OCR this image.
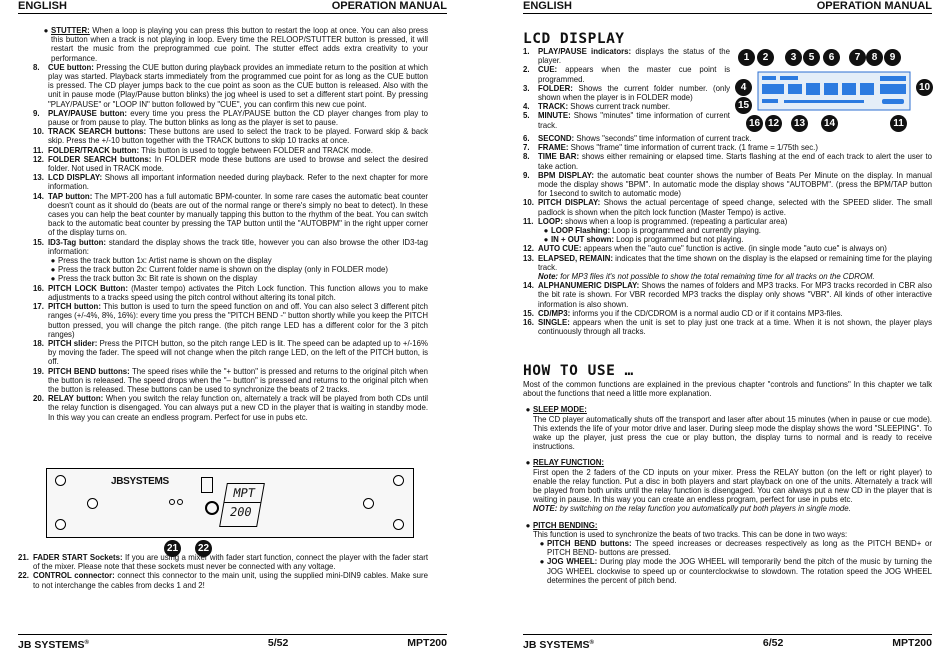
ENGLISH	OPERATION MANUAL
● STUTTER: When a loop is playing you can press this button to restart the loop at once. You can also press this button when a track is not playing in loop. Every time the RELOOP/STUTTER button is pressed, it will restart the music from the preprogrammed cue point. The stutter effect adds extra creativity to your performance.
8.	CUE button: Pressing the CUE button during playback provides an immediate return to the position at which play was started. Playback starts immediately from the programmed cue point for as long as the CUE button is pressed. The CD player jumps back to the cue point as soon as the CUE button is released. Also with the unit in pause mode (Play/Pause button blinks) the jog wheel is used to set a different start point. By pressing "PLAY/PAUSE" or "LOOP IN" button followed by "CUE", you can confirm this new cue point.
9.	PLAY/PAUSE button: every time you press the PLAY/PAUSE button the CD player changes from play to pause or from pause to play. The button blinks as long as the player is set to pause.
10. TRACK SEARCH buttons: These buttons are used to select the track to be played. Forward skip & back skip. Press the +/-10 button together with the TRACK buttons to skip 10 tracks at once.
11. FOLDER/TRACK button: This button is used to toggle between FOLDER and TRACK mode.
12. FOLDER SEARCH buttons: In FOLDER mode these buttons are used to browse and select the desired folder. Not used in TRACK mode.
13. LCD DISPLAY: Shows all important information needed during playback. Refer to the next chapter for more information.
14. TAP button: The MPT-200 has a full automatic BPM-counter. In some rare cases the automatic beat counter doesn't count as it should do (beats are out of the normal range or there's simply no beat to detect). In these cases you can help the beat counter by manually tapping this button to the rhythm of the beat. You can switch back to the automatic beat counter by pressing the TAP button until the "AUTOBPM" in the right upper corner of the display turns on.
15. ID3-Tag button: standard the display shows the track title, however you can also browse the other ID3-tag information:
● Press the track button 1x: Artist name is shown on the display
● Press the track button 2x: Current folder name is shown on the display (only in FOLDER mode)
● Press the track button 3x: Bit rate is shown on the display
16. PITCH LOCK Button: (Master tempo) activates the Pitch Lock function. This function allows you to make adjustments to a tracks speed using the pitch control without altering its tonal pitch.
17. PITCH button: This button is used to turn the speed function on and off. You can also select 3 different pitch ranges (+/-4%, 8%, 16%): every time you press the "PITCH BEND -" button shortly while you keep the PITCH button pressed, you will change the pitch range. (the pitch range LED has a different color for the 3 pitch ranges)
18. PITCH slider: Press the PITCH button, so the pitch range LED is lit. The speed can be adapted up to +/-16% by moving the fader. The speed will not change when the pitch range LED, on the left of the PITCH button, is off.
19. PITCH BEND buttons: The speed rises while the "+ button" is pressed and returns to the original pitch when the button is released. The speed drops when the "– button" is pressed and returns to the original pitch when the button is released. These buttons can be used to synchronize the beats of 2 tracks.
20. RELAY button: When you switch the relay function on, alternately a track will be played from both CDs until the relay function is disengaged. You can always put a new CD in the player that is waiting in standby mode. In this way you can create an endless program. Perfect for use in pubs etc.
JBSYSTEMS
MPT
200
21 22
21. FADER START Sockets: If you are using a mixer with fader start function, connect the player with the fader start of the mixer. Please note that these sockets must never be connected with any voltage.
22. CONTROL connector: connect this connector to the main unit, using the supplied mini-DIN9 cables. Make sure to not interchange the cables from decks 1 and 2!
JB SYSTEMS®	5/52	MPT200
ENGLISH	OPERATION MANUAL
LCD DISPLAY
1.	PLAY/PAUSE indicators: displays the status of the player.
2.	CUE: appears when the master cue point is programmed.
3.	FOLDER: Shows the current folder number. (only shown when the player is in FOLDER mode)
4.	TRACK: Shows current track number.
5.	MINUTE: Shows "minutes" time information of current track.
6.	SECOND: Shows "seconds" time information of current track.
7.	FRAME: Shows "frame" time information of current track. (1 frame = 1/75th sec.)
8.	TIME BAR: shows either remaining or elapsed time. Starts flashing at the end of each track to alert the user to take action.
9.	BPM DISPLAY: the automatic beat counter shows the number of Beats Per Minute on the display. In manual mode the display shows "BPM". In automatic mode the display shows "AUTOBPM". (press the BPM/TAP button for 1second to switch to automatic mode)
10. PITCH DISPLAY: Shows the actual percentage of speed change, selected with the SPEED slider. The small padlock is shown when the pitch lock function (Master Tempo) is active.
11. LOOP: shows when a loop is programmed. (repeating a particular area)
● LOOP Flashing: Loop is programmed and currently playing.
● IN + OUT shown: Loop is programmed but not playing.
12. AUTO CUE: appears when the "auto cue" function is active. (in single mode "auto cue" is always on)
13. ELAPSED, REMAIN: indicates that the time shown on the display is the elapsed or remaining time for the playing track.
Note: for MP3 files it's not possible to show the total remaining time for all tracks on the CDROM.
14. ALPHANUMERIC DISPLAY: Shows the names of folders and MP3 tracks. For MP3 tracks recorded in CBR also the bit rate is shown. For VBR recorded MP3 tracks the display only shows "VBR". All kinds of other interactive information is also shown.
15. CD/MP3: informs you if the CD/CDROM is a normal audio CD or if it contains MP3-files.
16. SINGLE: appears when the unit is set to play just one track at a time. When it is not shown, the player plays continuously through all tracks.
HOW TO USE …
Most of the common functions are explained in the previous chapter "controls and functions" In this chapter we talk about the functions that need a little more explanation.
● SLEEP MODE:
The CD player automatically shuts off the transport and laser after about 15 minutes (when in pause or cue mode). This extends the life of your motor drive and laser. During sleep mode the display shows the word "SLEEPING". To wake up the player, just press the cue or play button, the display turns to normal and is ready to receive instructions.
● RELAY FUNCTION:
First open the 2 faders of the CD inputs on your mixer. Press the RELAY button (on the left or right player) to enable the relay function. Put a disc in both players and start playback on one of the units. Alternately a track will be played from both units until the relay function is disengaged. You can always put a new CD in the player that is waiting in pause. In this way you can create an endless program, perfect for use in pubs etc.
NOTE: by switching on the relay function you automatically put both players in single mode.
● PITCH BENDING:
This function is used to synchronize the beats of two tracks. This can be done in two ways:
● PITCH BEND buttons: The speed increases or decreases respectively as long as the PITCH BEND+ or PITCH BEND- buttons are pressed.
● JOG WHEEL: During play mode the JOG WHEEL will temporarily bend the pitch of the music by turning the JOG WHEEL clockwise to speed up or counterclockwise to slowdown. The rotation speed the JOG WHEEL determines the percent of pitch bend.
JB SYSTEMS®	6/52	MPT200
1	2	3	5	6	7	8	9
4	10
15
16 12 13 14	11
